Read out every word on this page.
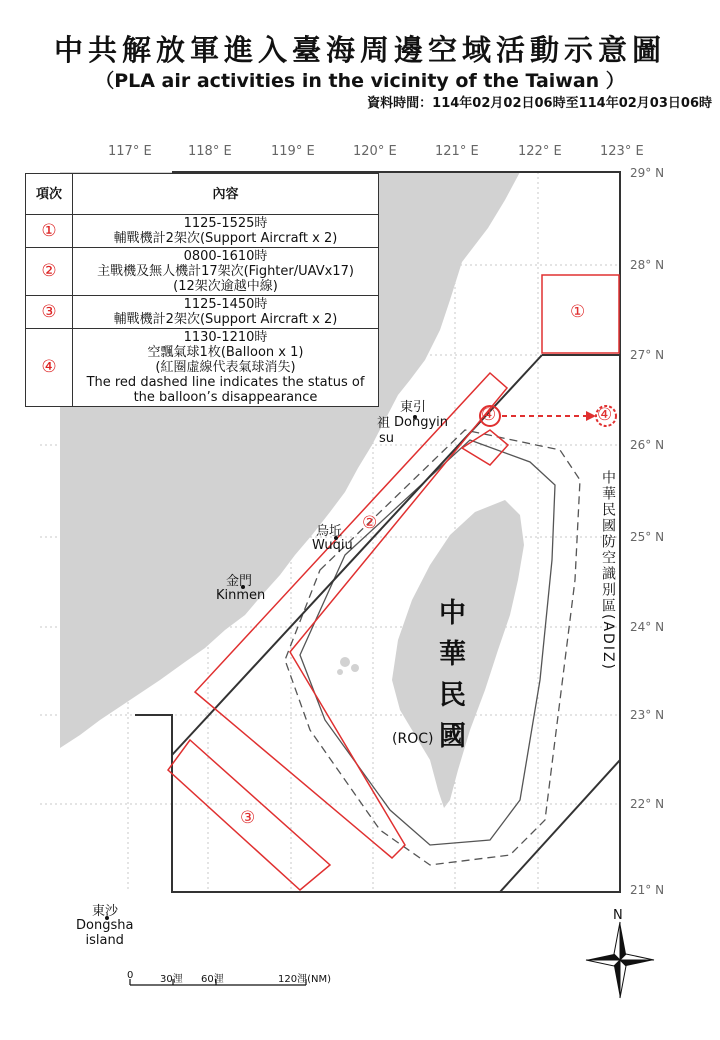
中共解放軍進入臺海周邊空域活動示意圖
（PLA air activities in the vicinity of the Taiwan ）
資料時間：114年02月02日06時至114年02月03日06時
117° E	118° E	119° E	120° E	121° E	122° E	123° E
29° N
28° N
27° N
26° N
25° N
24° N
23° N
22° N
21° N
①
②
③
④	④
東引
Dongyin
祖
su
烏坵
Wuqiu
金門
Kinmen
東沙
Dongsha
island
中華民國
(ROC)
中華民國防空識別區(ADIZ)
項次	內容
①	1125-1525時
輔戰機計2架次(Support Aircraft x 2)

②	0800-1610時
主戰機及無人機計17架次(Fighter/UAVx17)
(12架次逾越中線)

③	1125-1450時
輔戰機計2架次(Support Aircraft x 2)

④	1130-1210時
空飄氣球1枚(Balloon x 1)
(紅圈虛線代表氣球消失)
The red dashed line indicates the status of
the balloon’s disappearance
0	30浬 60浬	120浬(NM)
N
